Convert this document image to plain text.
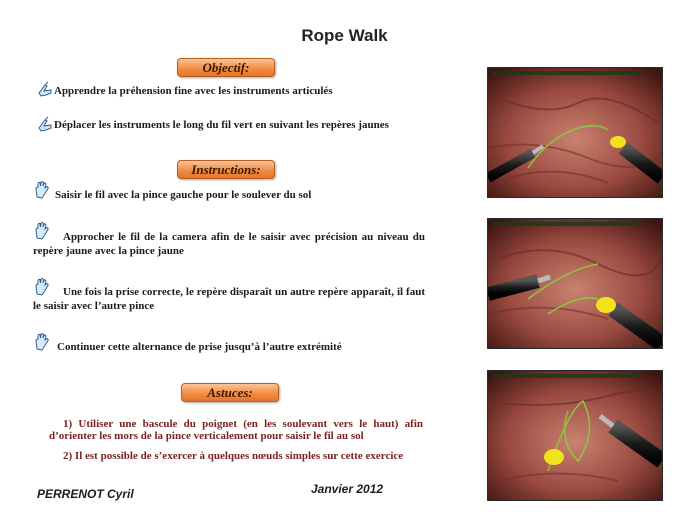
Rope Walk
Objectif:
Apprendre la préhension fine avec les instruments articulés
Déplacer les instruments le long du fil vert en suivant les repères jaunes
Instructions:
Saisir le fil avec la pince gauche pour le soulever du sol
Approcher le fil de la camera afin de le saisir avec précision au niveau du repère jaune avec la pince jaune
Une fois la prise correcte, le repère disparaît un autre repère apparaît, il faut le saisir avec l’autre pince
Continuer cette alternance de prise jusqu’à l’autre extrémité
Astuces:
1) Utiliser une bascule du poignet (en les soulevant vers le haut) afin d’orienter les mors de la pince verticalement pour saisir le fil au sol
2) Il est possible de s’exercer à quelques nœuds simples sur cette exercice
PERRENOT Cyril	Janvier 2012
